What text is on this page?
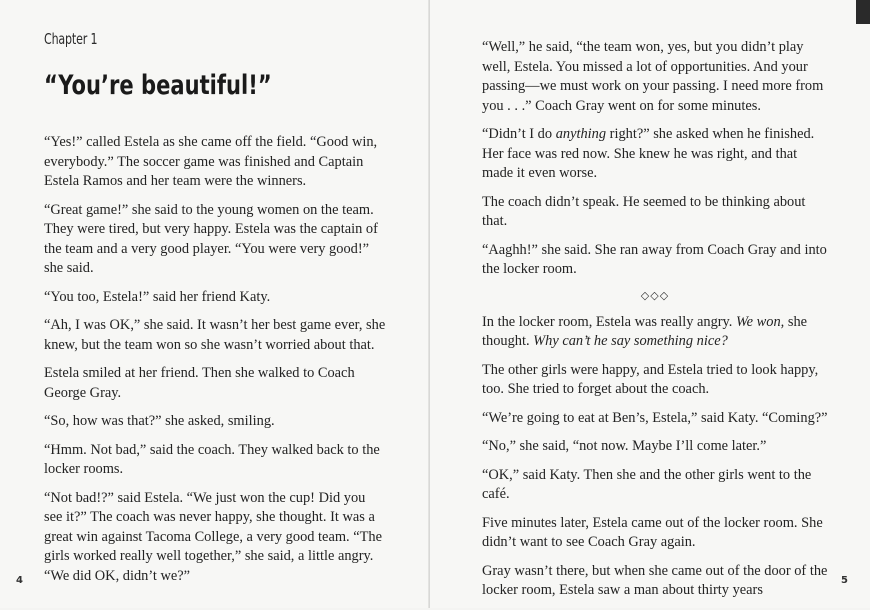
Chapter 1
“You’re beautiful!”

“Yes!” called Estela as she came off the field. “Good win, everybody.” The soccer game was finished and Captain Estela Ramos and her team were the winners.

“Great game!” she said to the young women on the team. They were tired, but very happy. Estela was the captain of the team and a very good player. “You were very good!” she said.

“You too, Estela!” said her friend Katy.

“Ah, I was OK,” she said. It wasn’t her best game ever, she knew, but the team won so she wasn’t worried about that.

Estela smiled at her friend. Then she walked to Coach George Gray.

“So, how was that?” she asked, smiling.

“Hmm. Not bad,” said the coach. They walked back to the locker rooms.

“Not bad!?” said Estela. “We just won the cup! Did you see it?” The coach was never happy, she thought. It was a great win against Tacoma College, a very good team. “The girls worked really well together,” she said, a little angry. “We did OK, didn’t we?”

4

“Well,” he said, “the team won, yes, but you didn’t play well, Estela. You missed a lot of opportunities. And your passing—we must work on your passing. I need more from you . . .” Coach Gray went on for some minutes.

“Didn’t I do anything right?” she asked when he finished. Her face was red now. She knew he was right, and that made it even worse.

The coach didn’t speak. He seemed to be thinking about that.

“Aaghh!” she said. She ran away from Coach Gray and into the locker room.

◇◇◇

In the locker room, Estela was really angry. We won, she thought. Why can’t he say something nice?

The other girls were happy, and Estela tried to look happy, too. She tried to forget about the coach.

“We’re going to eat at Ben’s, Estela,” said Katy. “Coming?”

“No,” she said, “not now. Maybe I’ll come later.”

“OK,” said Katy. Then she and the other girls went to the café.

Five minutes later, Estela came out of the locker room. She didn’t want to see Coach Gray again.

Gray wasn’t there, but when she came out of the door of the locker room, Estela saw a man about thirty years

5
